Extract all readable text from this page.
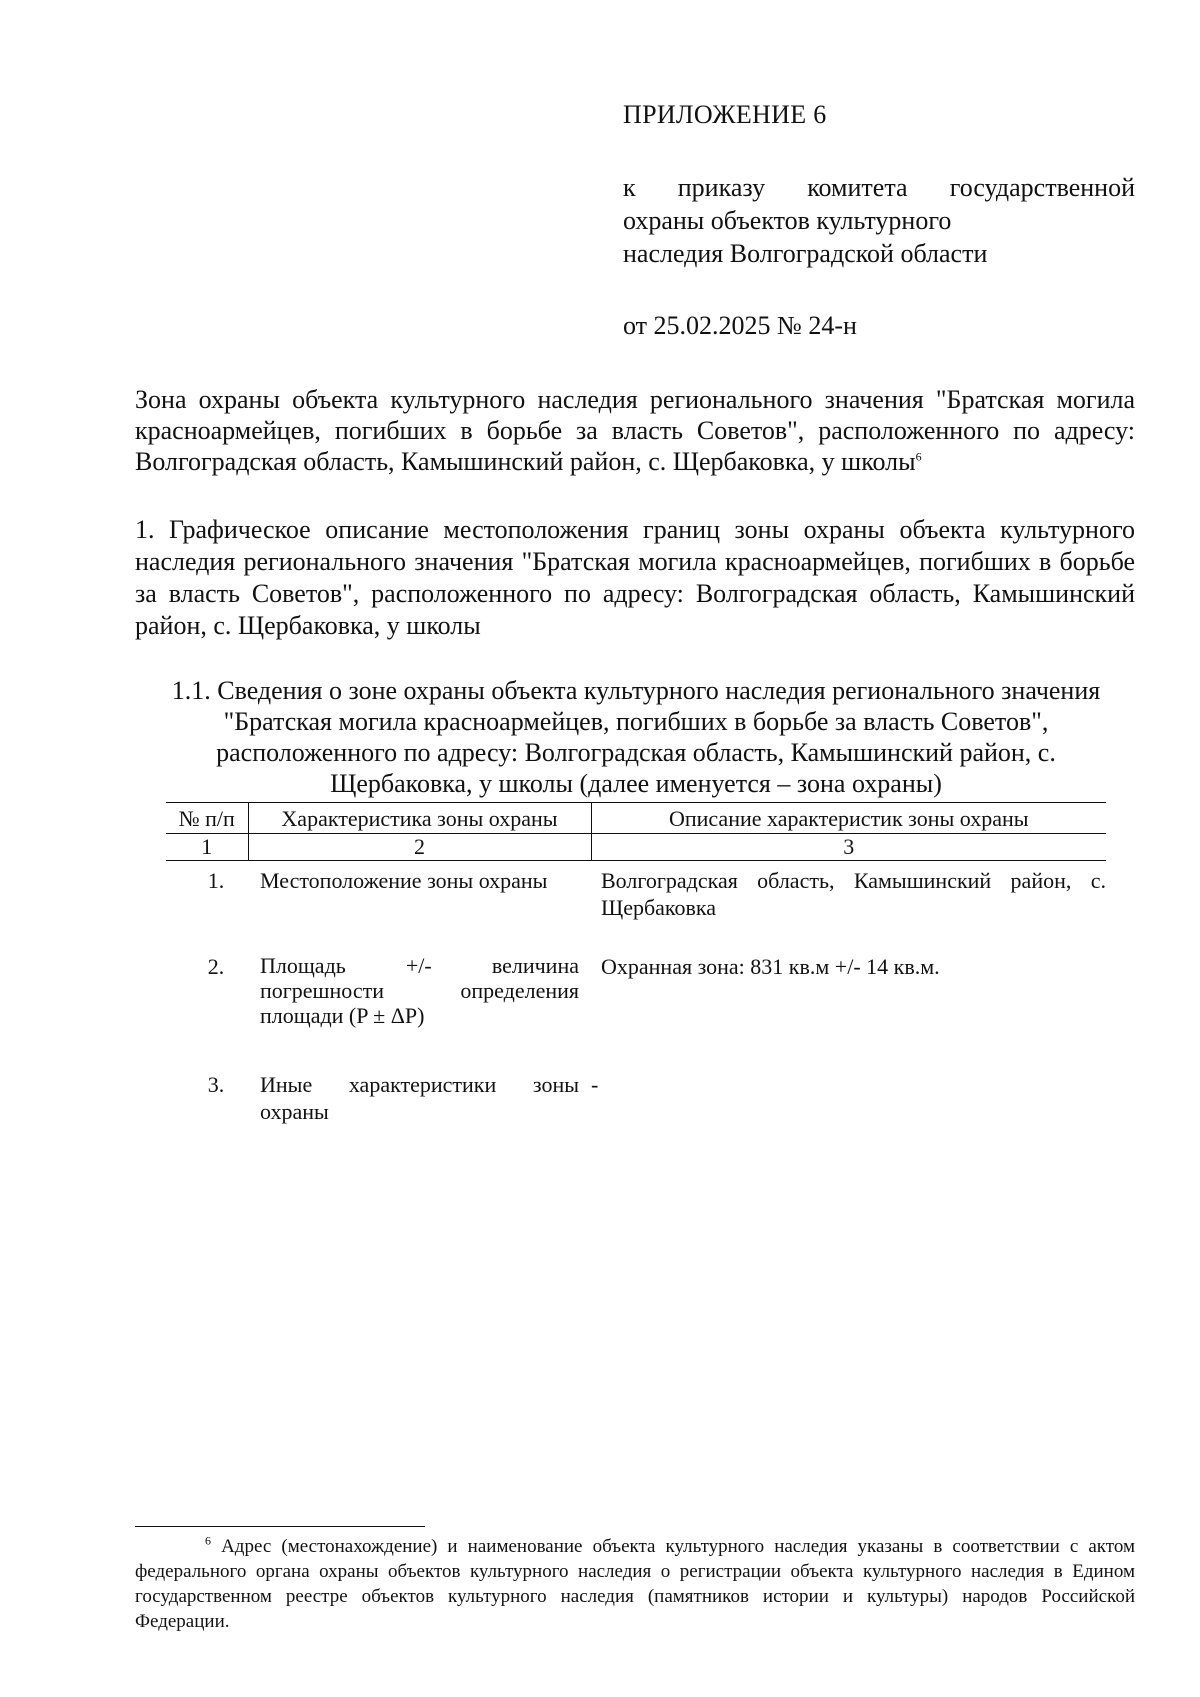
ПРИЛОЖЕНИЕ 6
к приказу комитета государственной
охраны объектов культурного
наследия Волгоградской области
от 25.02.2025 № 24-н
Зона охраны объекта культурного наследия регионального значения "Братская могила красноармейцев, погибших в борьбе за власть Советов", расположенного по адресу: Волгоградская область, Камышинский район, с. Щербаковка, у школы$^6$
1. Графическое описание местоположения границ зоны охраны объекта культурного наследия регионального значения "Братская могила красноармейцев, погибших в борьбе за власть Советов", расположенного по адресу: Волгоградская область, Камышинский район, с. Щербаковка, у школы
1.1. Сведения о зоне охраны объекта культурного наследия регионального значения "Братская могила красноармейцев, погибших в борьбе за власть Советов", расположенного по адресу: Волгоградская область, Камышинский район, с. Щербаковка, у школы (далее именуется – зона охраны)
№ п/п	Характеристика зоны охраны	Описание характеристик зоны охраны
1	2	3
1.	Местоположение зоны охраны	Волгоградская область, Камышинский район, с. Щербаковка
2.	Площадь +/- величина погрешности определения площади (P ± ΔP)	Охранная зона: 831 кв.м +/- 14 кв.м.
3.	Иные характеристики зоны охраны	-
$^6$ Адрес (местонахождение) и наименование объекта культурного наследия указаны в соответствии с актом федерального органа охраны объектов культурного наследия о регистрации объекта культурного наследия в Едином государственном реестре объектов культурного наследия (памятников истории и культуры) народов Российской Федерации.
